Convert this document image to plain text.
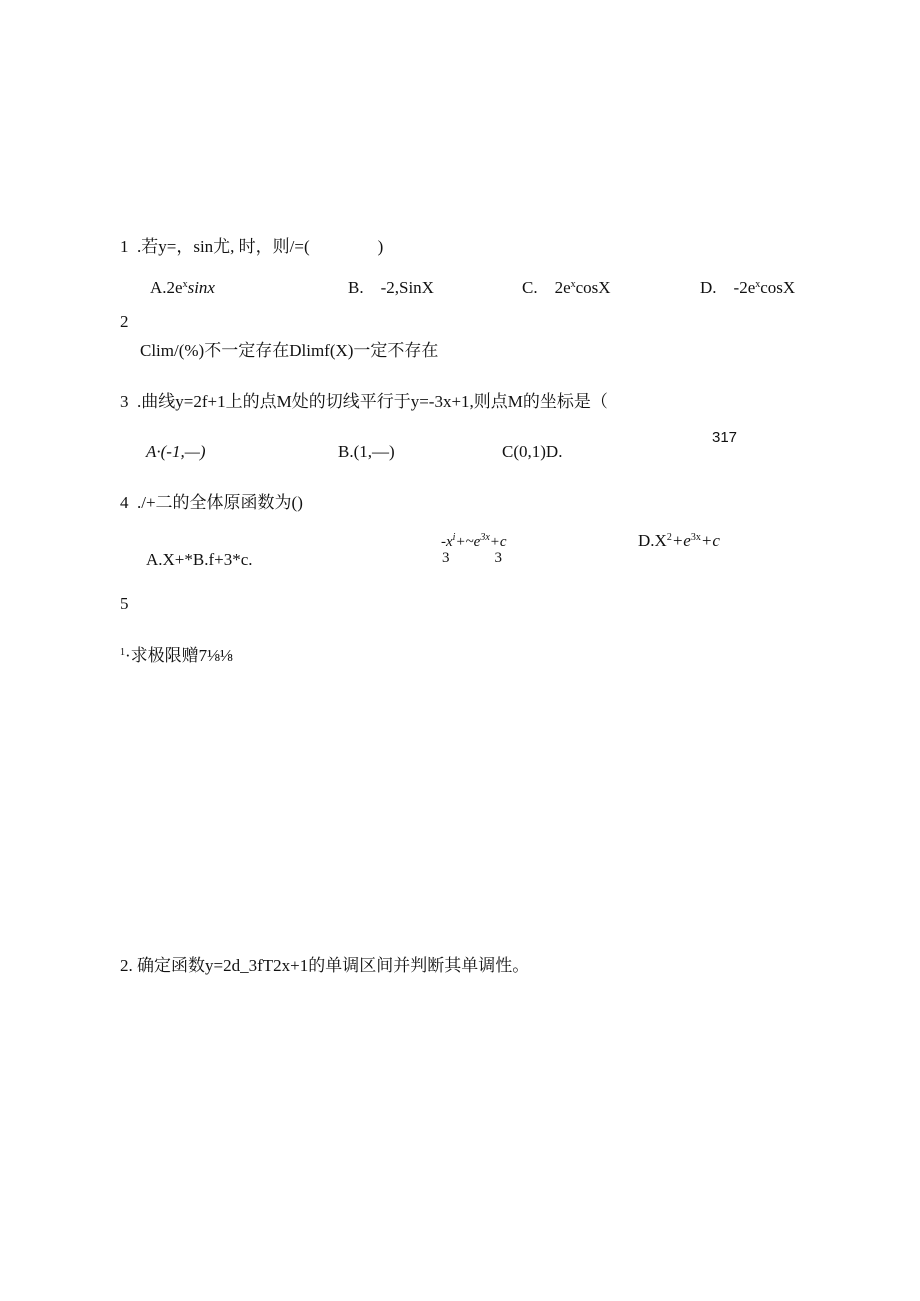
1 .若y=，sin尤, 时，则/=(　　　　)
$A.2e^x\sin x$	B.　-2,SinX	C.　$2e^x\cos X$	D.　$-2e^x\cos X$
2
Clim/(%)不一定存在Dlimf(X)一定不存在
3 .曲线y=2f+1上的点M处的切线平行于y=-3x+1,则点M的坐标是（
317
A·(-1,—)	B.(1,—)	C(0,1)D.
4 ./+二的全体原函数为()
$-x^i+\sim e^{3x}+c$
3　　　3
$D.X^2+e^{3x}+c$
A.X+*B.f+3*c.
5
$^1$·求极限赠7⅛⅛
2. 确定函数y=2d_3fT2x+1的单调区间并判断其单调性。
